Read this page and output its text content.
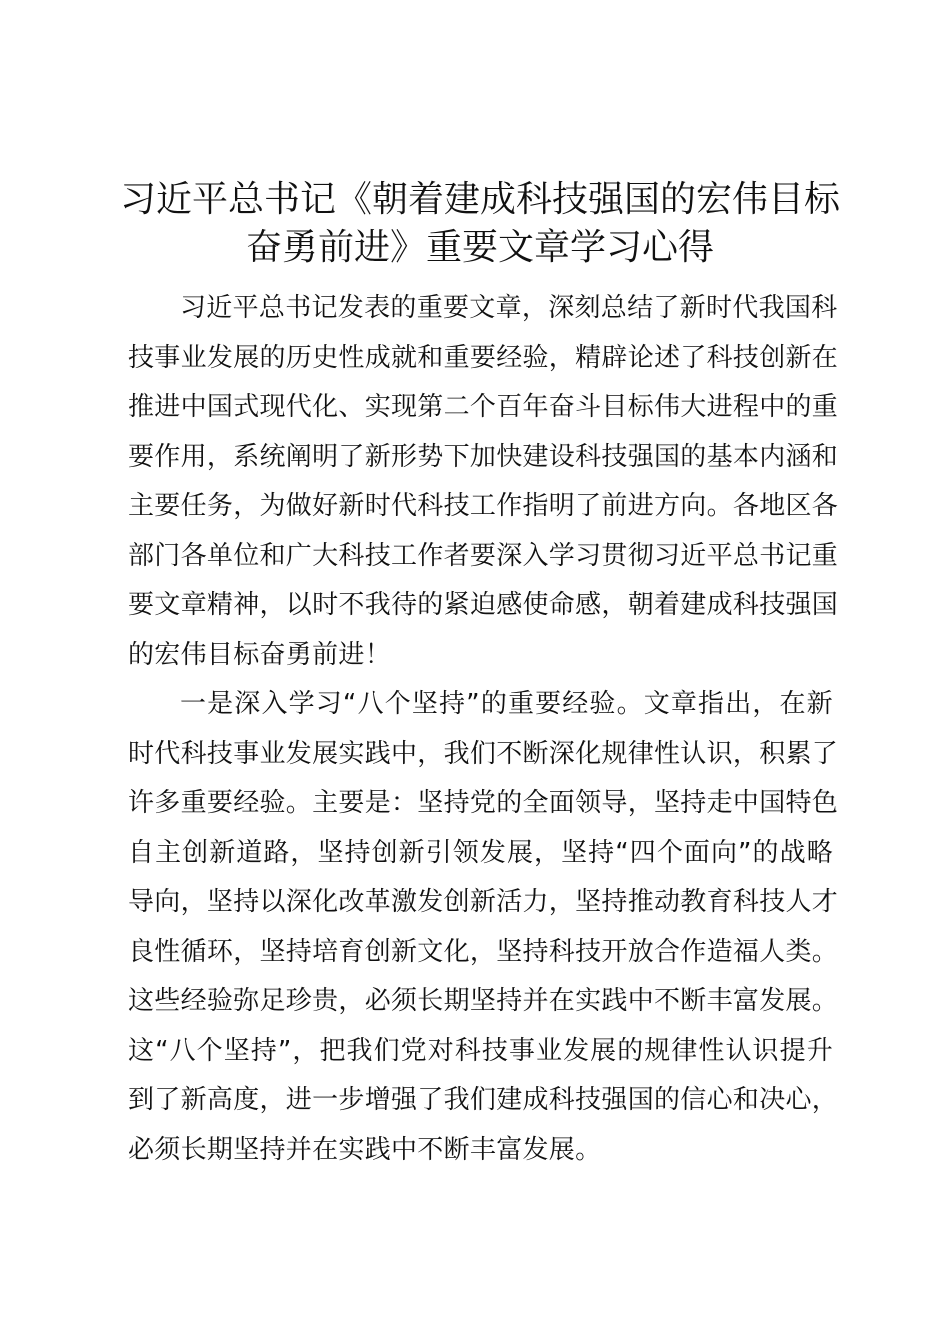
习近平总书记《朝着建成科技强国的宏伟目标
奋勇前进》重要文章学习心得
习近平总书记发表的重要文章，深刻总结了新时代我国科
技事业发展的历史性成就和重要经验，精辟论述了科技创新在
推进中国式现代化、实现第二个百年奋斗目标伟大进程中的重
要作用，系统阐明了新形势下加快建设科技强国的基本内涵和
主要任务，为做好新时代科技工作指明了前进方向。各地区各
部门各单位和广大科技工作者要深入学习贯彻习近平总书记重
要文章精神，以时不我待的紧迫感使命感，朝着建成科技强国
的宏伟目标奋勇前进！
一是深入学习“八个坚持”的重要经验。文章指出，在新
时代科技事业发展实践中，我们不断深化规律性认识，积累了
许多重要经验。主要是：坚持党的全面领导，坚持走中国特色
自主创新道路，坚持创新引领发展，坚持“四个面向”的战略
导向，坚持以深化改革激发创新活力，坚持推动教育科技人才
良性循环，坚持培育创新文化，坚持科技开放合作造福人类。
这些经验弥足珍贵，必须长期坚持并在实践中不断丰富发展。
这“八个坚持”，把我们党对科技事业发展的规律性认识提升
到了新高度，进一步增强了我们建成科技强国的信心和决心，
必须长期坚持并在实践中不断丰富发展。
